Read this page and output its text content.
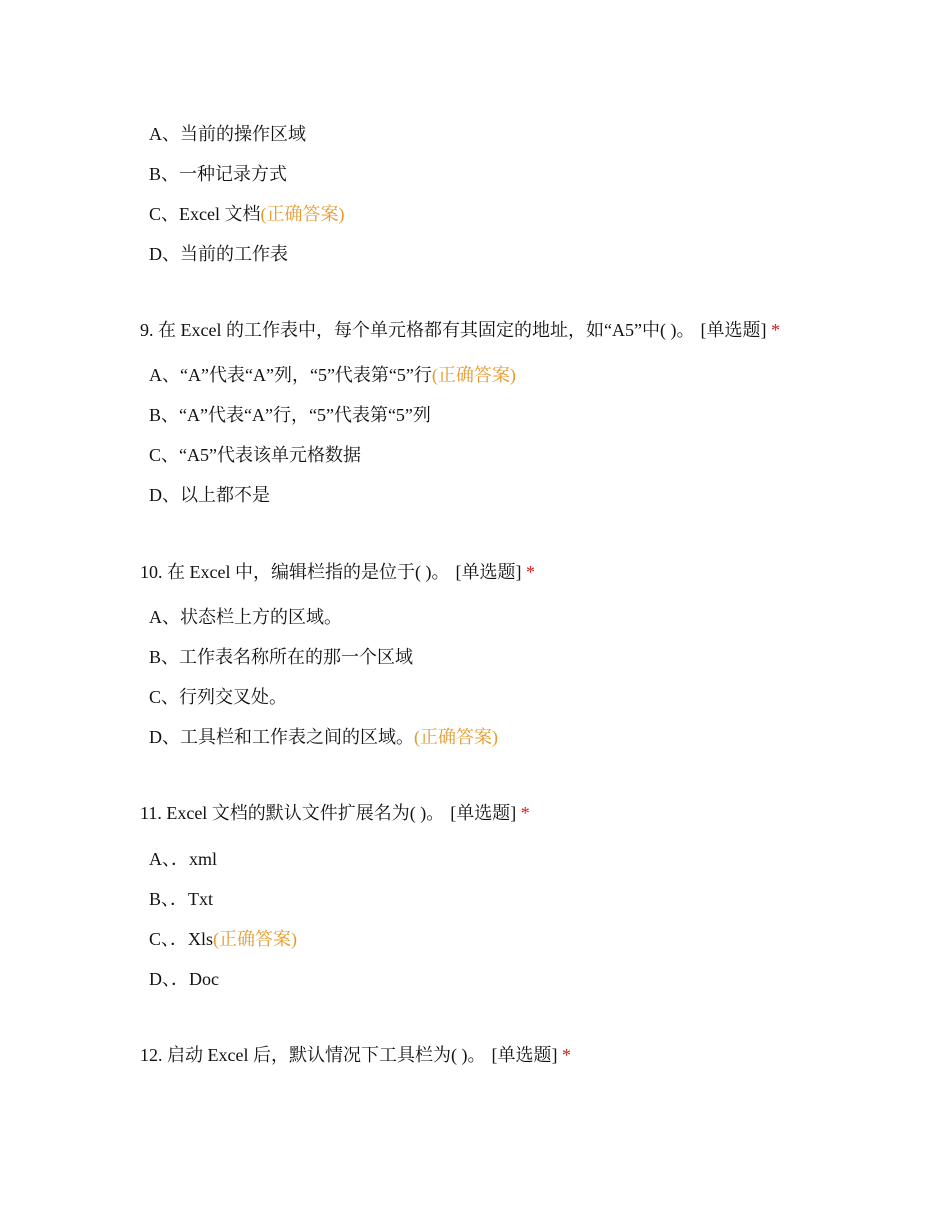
A、当前的操作区域
B、一种记录方式
C、Excel 文档(正确答案)
D、当前的工作表
9. 在 Excel 的工作表中，每个单元格都有其固定的地址，如“A5”中( )。 [单选题] *
A、“A”代表“A”列，“5”代表第“5”行(正确答案)
B、“A”代表“A”行，“5”代表第“5”列
C、“A5”代表该单元格数据
D、以上都不是
10. 在 Excel 中，编辑栏指的是位于( )。 [单选题] *
A、状态栏上方的区域。
B、工作表名称所在的那一个区域
C、行列交叉处。
D、工具栏和工作表之间的区域。(正确答案)
11. Excel 文档的默认文件扩展名为( )。 [单选题] *
A、．xml
B、．Txt
C、．Xls(正确答案)
D、．Doc
12. 启动 Excel 后，默认情况下工具栏为( )。 [单选题] *
